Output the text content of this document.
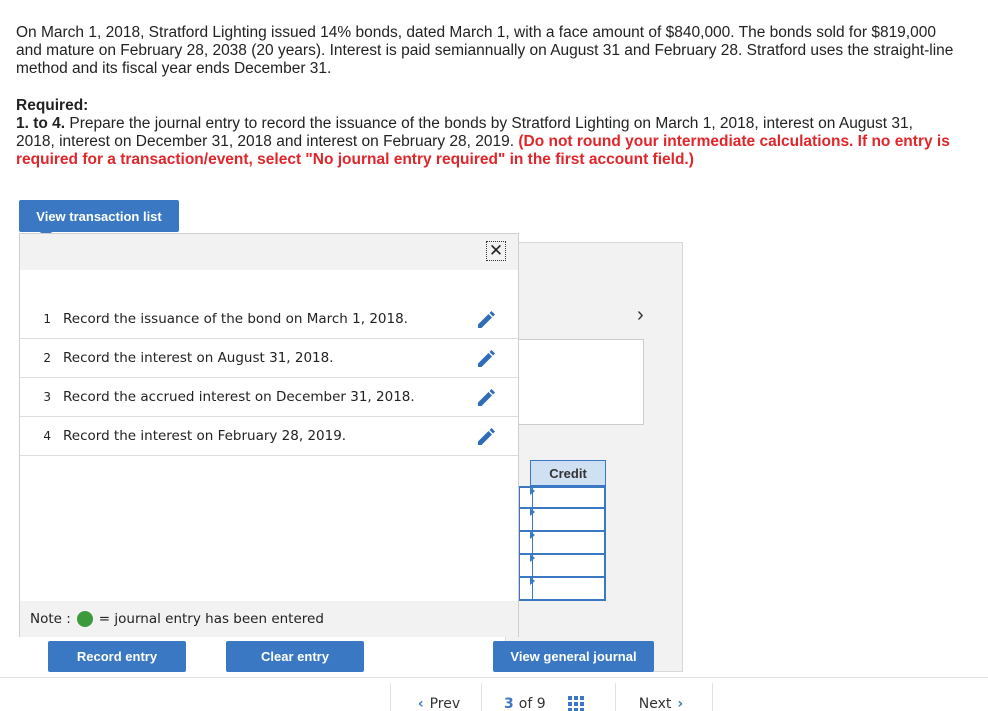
On March 1, 2018, Stratford Lighting issued 14% bonds, dated March 1, with a face amount of $840,000. The bonds sold for $819,000 and mature on February 28, 2038 (20 years). Interest is paid semiannually on August 31 and February 28. Stratford uses the straight-line method and its fiscal year ends December 31.
Required:
1. to 4. Prepare the journal entry to record the issuance of the bonds by Stratford Lighting on March 1, 2018, interest on August 31, 2018, interest on December 31, 2018 and interest on February 28, 2019. (Do not round your intermediate calculations. If no entry is required for a transaction/event, select "No journal entry required" in the first account field.)
View transaction list
›
Credit
✕
1 Record the issuance of the bond on March 1, 2018.
2 Record the interest on August 31, 2018.
3 Record the accrued interest on December 31, 2018.
4 Record the interest on February 28, 2019.
Note : = journal entry has been entered
Record entry	Clear entry	View general journal
‹ Prev	3 of 9	Next ›
